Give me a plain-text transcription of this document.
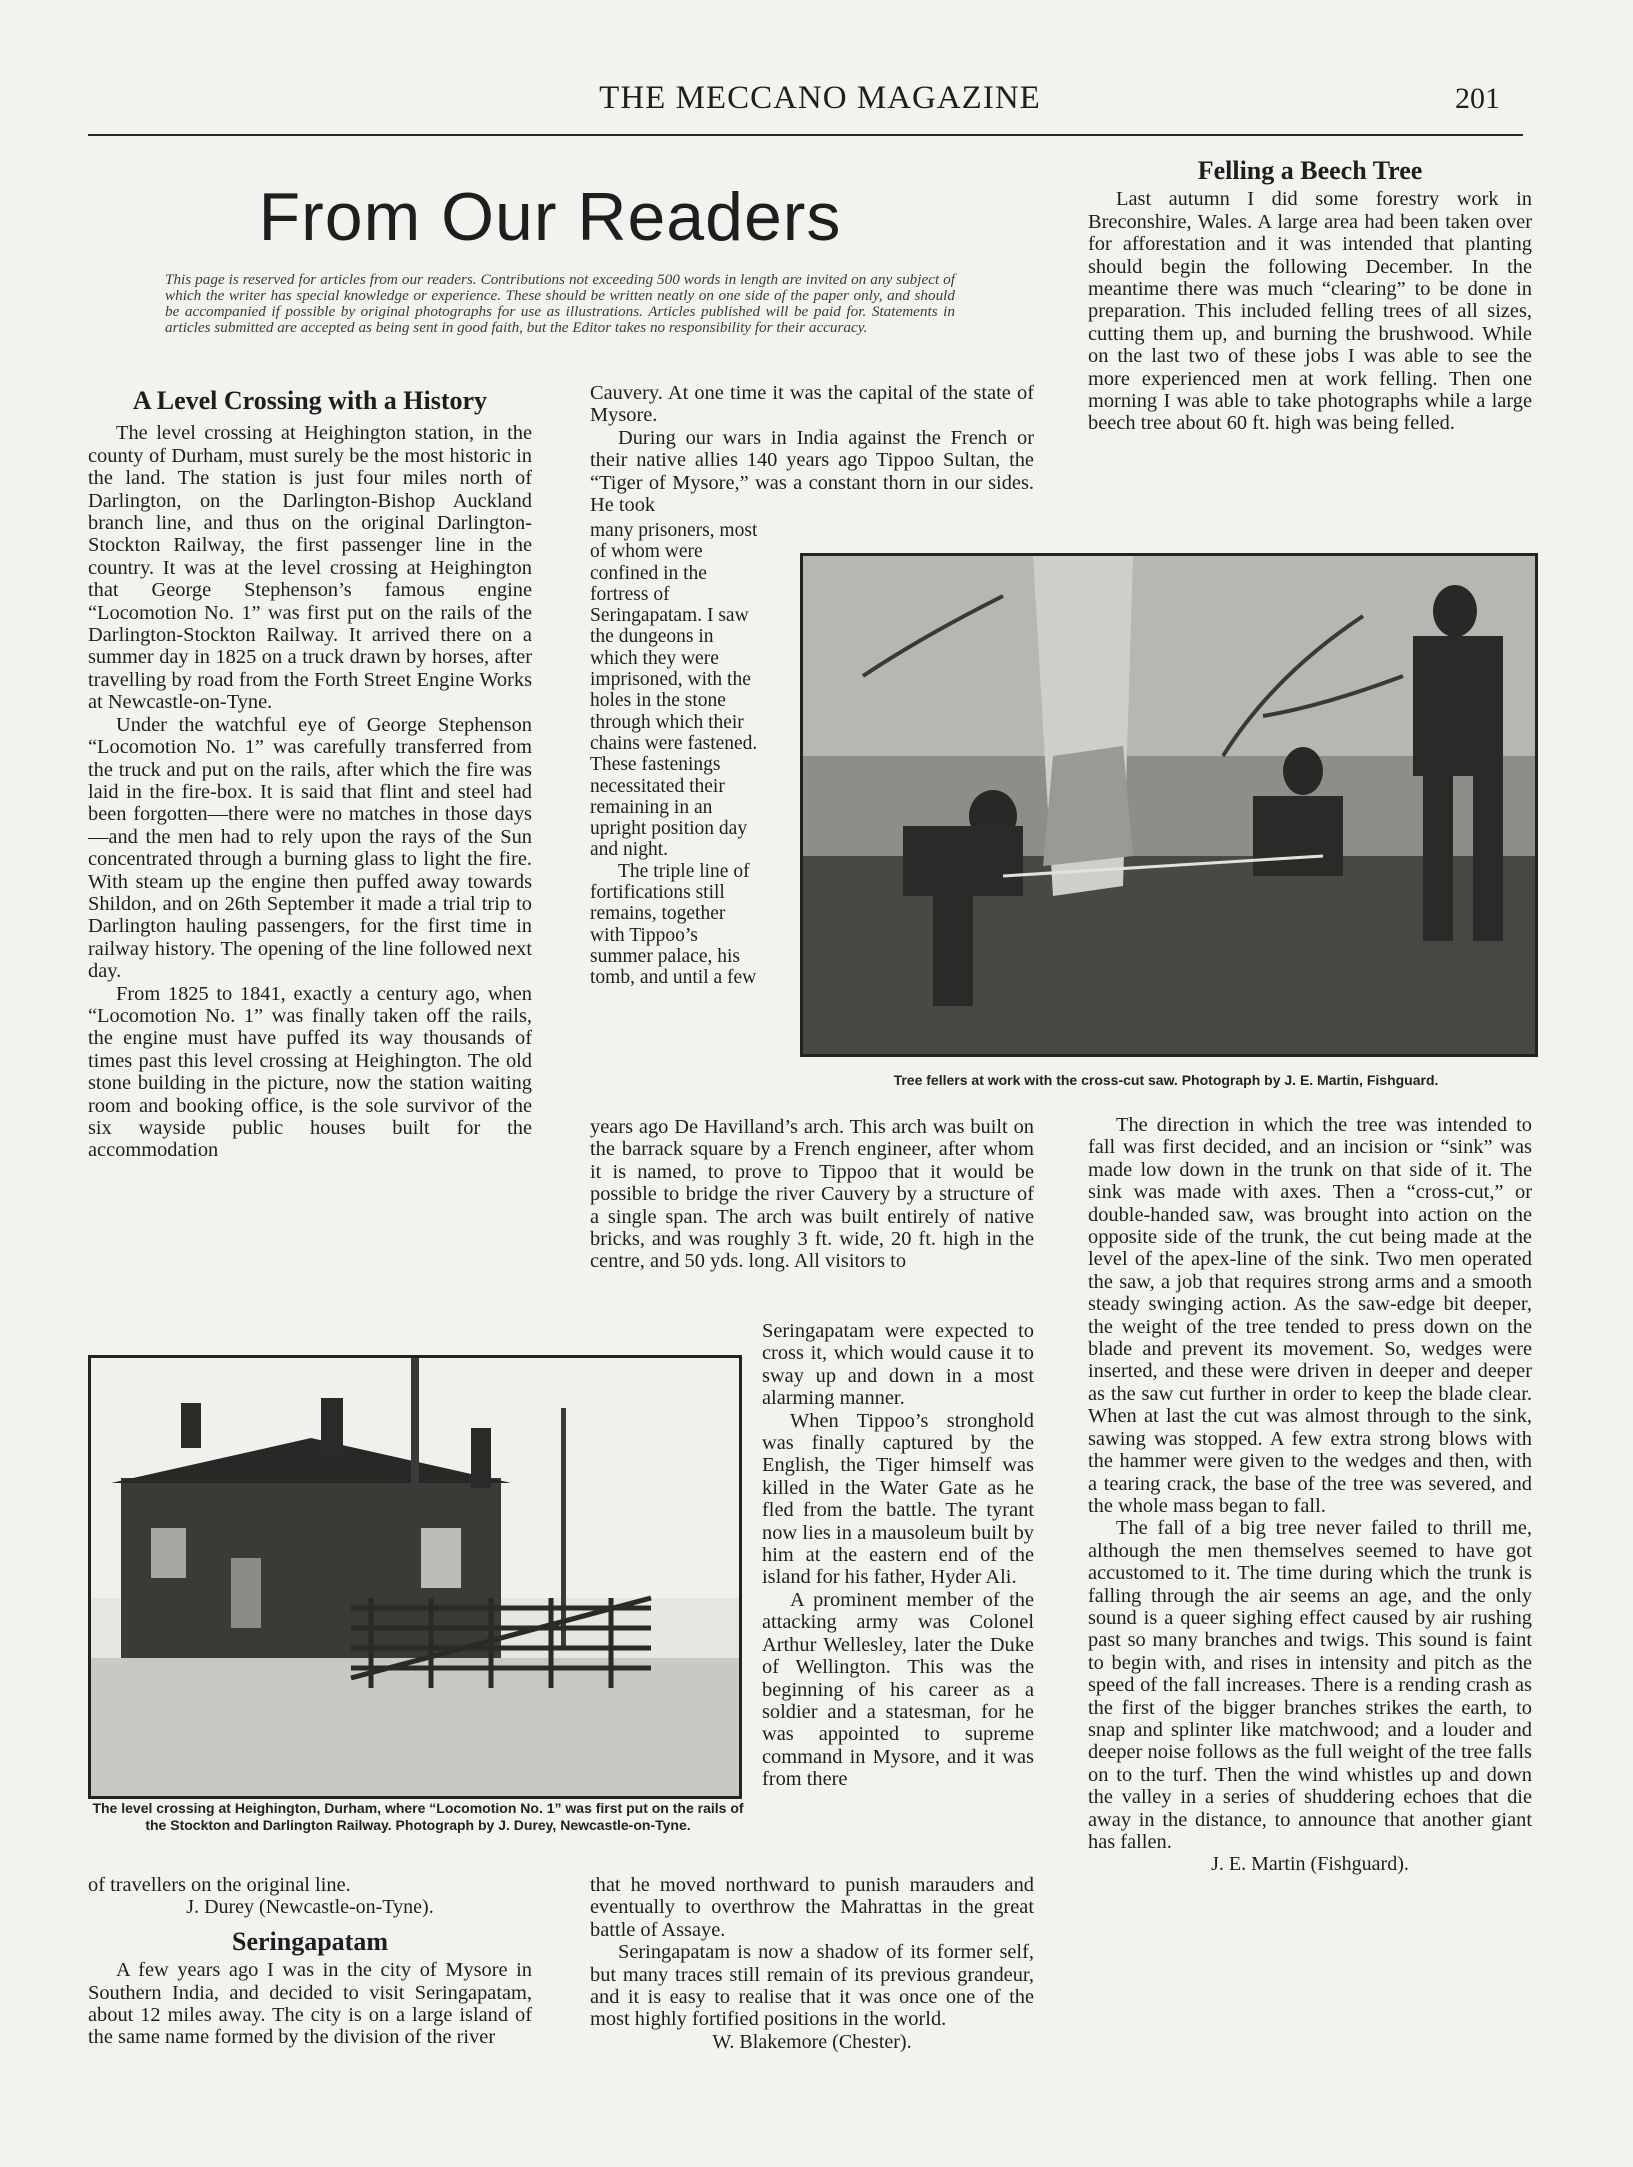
THE MECCANO MAGAZINE	201
From Our Readers
This page is reserved for articles from our readers. Contributions not exceeding 500 words in length are invited on any subject of which the writer has special knowledge or experience. These should be written neatly on one side of the paper only, and should be accompanied if possible by original photographs for use as illustrations. Articles published will be paid for. Statements in articles submitted are accepted as being sent in good faith, but the Editor takes no responsibility for their accuracy.
A Level Crossing with a History

The level crossing at Heighington station, in the county of Durham, must surely be the most historic in the land. The station is just four miles north of Darlington, on the Darlington-Bishop Auckland branch line, and thus on the original Darlington-Stockton Railway, the first passenger line in the country. It was at the level crossing at Heighington that George Stephenson’s famous engine “Locomotion No. 1” was first put on the rails of the Darlington-Stockton Railway. It arrived there on a summer day in 1825 on a truck drawn by horses, after travelling by road from the Forth Street Engine Works at Newcastle-on-Tyne.

Under the watchful eye of George Stephenson “Locomotion No. 1” was carefully transferred from the truck and put on the rails, after which the fire was laid in the fire-box. It is said that flint and steel had been forgotten—there were no matches in those days—and the men had to rely upon the rays of the Sun concentrated through a burning glass to light the fire. With steam up the engine then puffed away towards Shildon, and on 26th September it made a trial trip to Darlington hauling passengers, for the first time in railway history. The opening of the line followed next day.

From 1825 to 1841, exactly a century ago, when “Locomotion No. 1” was finally taken off the rails, the engine must have puffed its way thousands of times past this level crossing at Heighington. The old stone building in the picture, now the station waiting room and booking office, is the sole survivor of the six wayside public houses built for the accommodation

The level crossing at Heighington, Durham, where “Locomotion No. 1” was first put on the rails of the Stockton and Darlington Railway. Photograph by J. Durey, Newcastle-on-Tyne.

of travellers on the original line.

J. Durey (Newcastle-on-Tyne).
Seringapatam

A few years ago I was in the city of Mysore in Southern India, and decided to visit Seringapatam, about 12 miles away. The city is on a large island of the same name formed by the division of the river

Cauvery. At one time it was the capital of the state of Mysore.

During our wars in India against the French or their native allies 140 years ago Tippoo Sultan, the “Tiger of Mysore,” was a constant thorn in our sides. He took

many prisoners, most of whom were confined in the fortress of Seringapatam. I saw the dungeons in which they were imprisoned, with the holes in the stone through which their chains were fastened. These fastenings necessitated their remaining in an upright position day and night.

The triple line of fortifications still remains, together with Tippoo’s summer palace, his tomb, and until a few

years ago De Havilland’s arch. This arch was built on the barrack square by a French engineer, after whom it is named, to prove to Tippoo that it would be possible to bridge the river Cauvery by a structure of a single span. The arch was built entirely of native bricks, and was roughly 3 ft. wide, 20 ft. high in the centre, and 50 yds. long. All visitors to

Seringapatam were expected to cross it, which would cause it to sway up and down in a most alarming manner.

When Tippoo’s stronghold was finally captured by the English, the Tiger himself was killed in the Water Gate as he fled from the battle. The tyrant now lies in a mausoleum built by him at the eastern end of the island for his father, Hyder Ali.

A prominent member of the attacking army was Colonel Arthur Wellesley, later the Duke of Wellington. This was the beginning of his career as a soldier and a statesman, for he was appointed to supreme command in Mysore, and it was from there

that he moved northward to punish marauders and eventually to overthrow the Mahrattas in the great battle of Assaye.

Seringapatam is now a shadow of its former self, but many traces still remain of its previous grandeur, and it is easy to realise that it was once one of the most highly fortified positions in the world.

W. Blakemore (Chester).
Felling a Beech Tree

Last autumn I did some forestry work in Breconshire, Wales. A large area had been taken over for afforestation and it was intended that planting should begin the following December. In the meantime there was much “clearing” to be done in preparation. This included felling trees of all sizes, cutting them up, and burning the brushwood. While on the last two of these jobs I was able to see the more experienced men at work felling. Then one morning I was able to take photographs while a large beech tree about 60 ft. high was being felled.

Tree fellers at work with the cross-cut saw. Photograph by J. E. Martin, Fishguard.

The direction in which the tree was intended to fall was first decided, and an incision or “sink” was made low down in the trunk on that side of it. The sink was made with axes. Then a “cross-cut,” or double-handed saw, was brought into action on the opposite side of the trunk, the cut being made at the level of the apex-line of the sink. Two men operated the saw, a job that requires strong arms and a smooth steady swinging action. As the saw-edge bit deeper, the weight of the tree tended to press down on the blade and prevent its movement. So, wedges were inserted, and these were driven in deeper and deeper as the saw cut further in order to keep the blade clear. When at last the cut was almost through to the sink, sawing was stopped. A few extra strong blows with the hammer were given to the wedges and then, with a tearing crack, the base of the tree was severed, and the whole mass began to fall.

The fall of a big tree never failed to thrill me, although the men themselves seemed to have got accustomed to it. The time during which the trunk is falling through the air seems an age, and the only sound is a queer sighing effect caused by air rushing past so many branches and twigs. This sound is faint to begin with, and rises in intensity and pitch as the speed of the fall increases. There is a rending crash as the first of the bigger branches strikes the earth, to snap and splinter like matchwood; and a louder and deeper noise follows as the full weight of the tree falls on to the turf. Then the wind whistles up and down the valley in a series of shuddering echoes that die away in the distance, to announce that another giant has fallen.

J. E. Martin (Fishguard).
